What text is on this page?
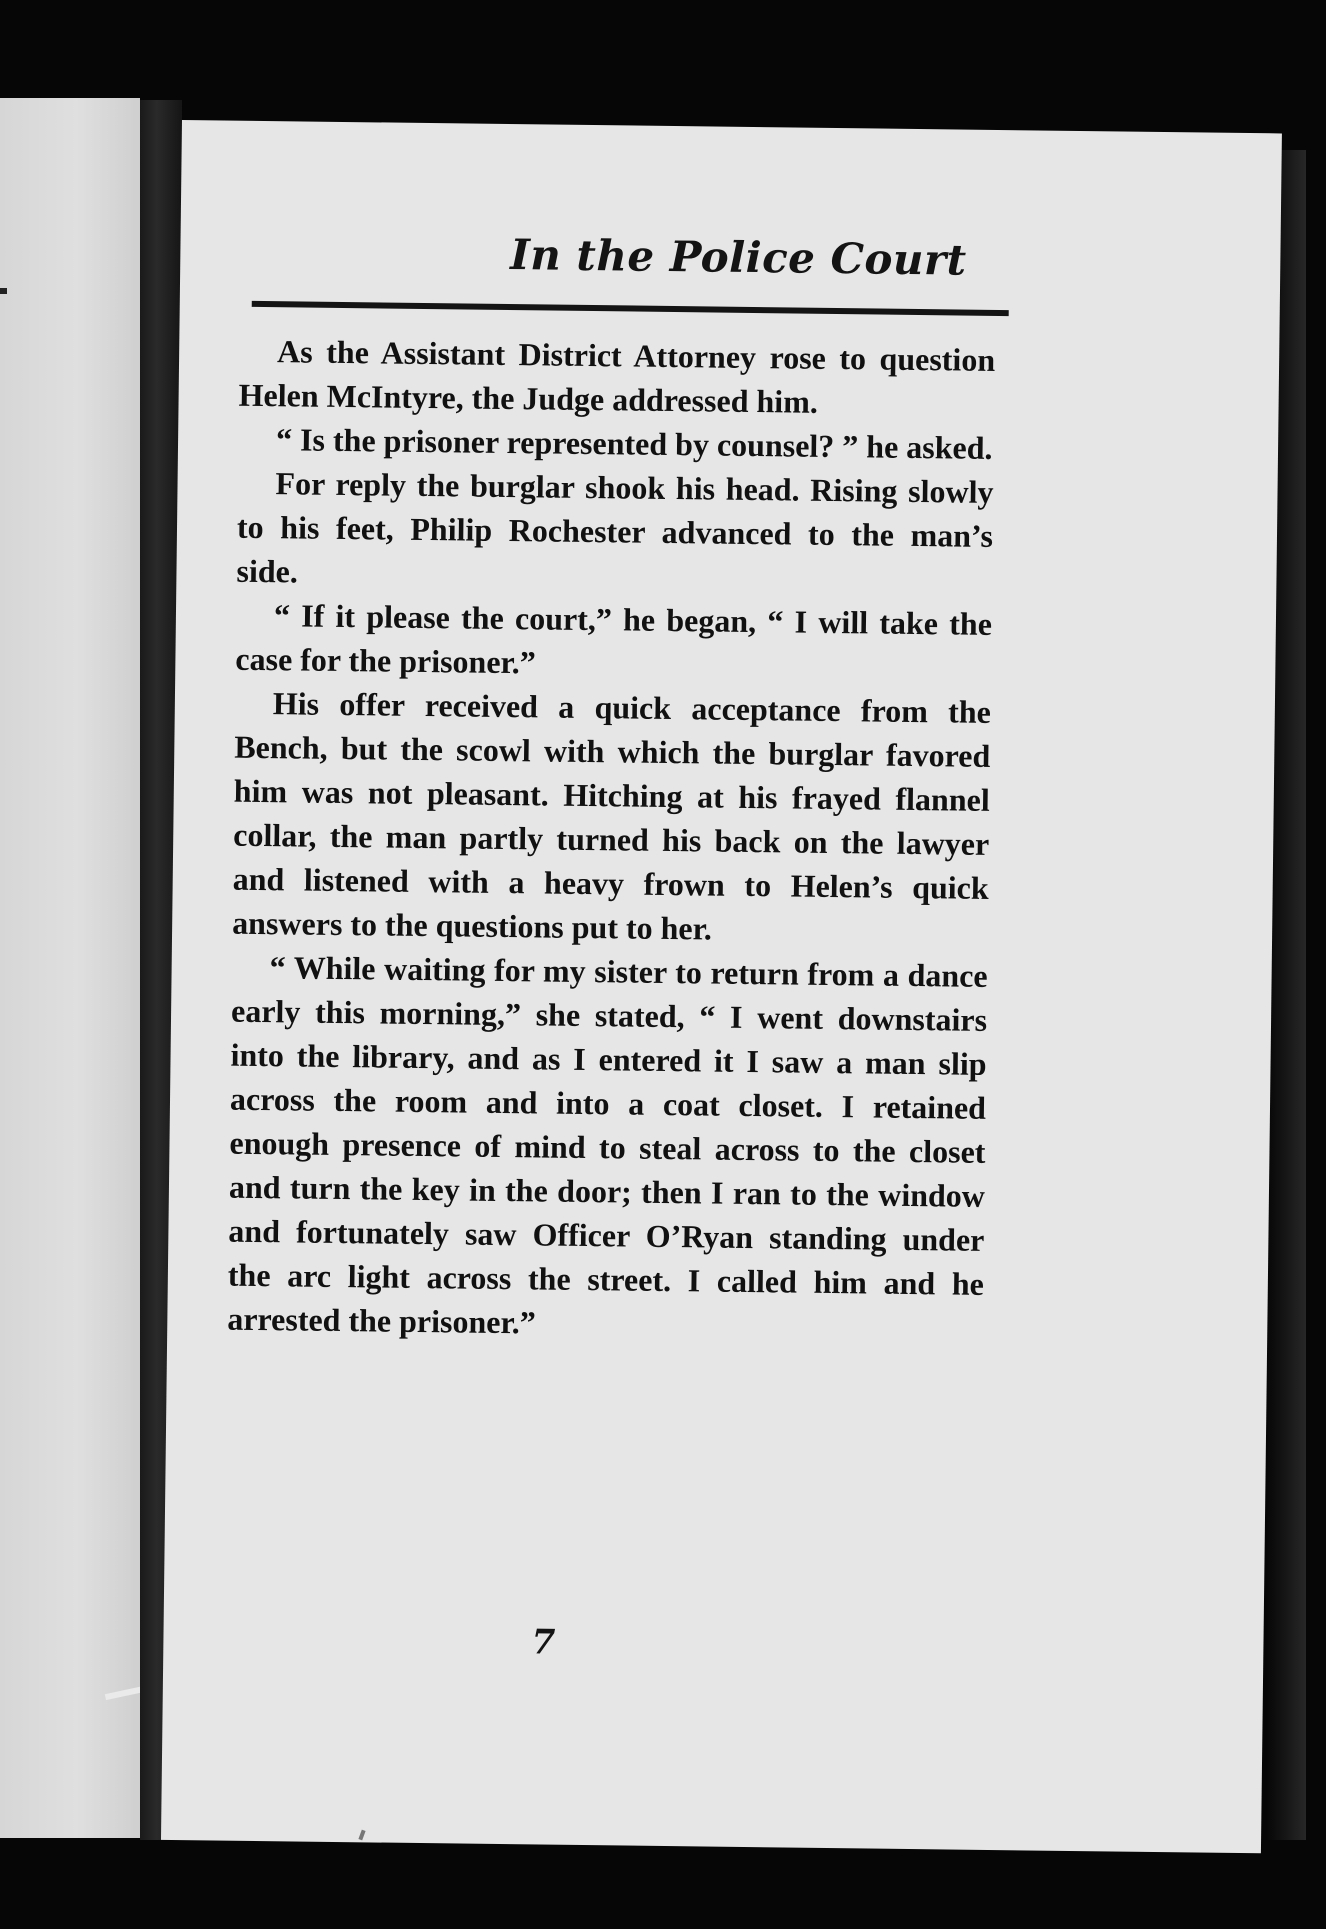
In the Police Court

As the Assistant District Attorney rose to question Helen McIntyre, the Judge addressed him.

“ Is the prisoner represented by counsel? ” he asked.

For reply the burglar shook his head. Rising slowly to his feet, Philip Rochester advanced to the man’s side.

“ If it please the court,” he began, “ I will take the case for the prisoner.”

His offer received a quick acceptance from the Bench, but the scowl with which the burglar favored him was not pleasant. Hitching at his frayed flannel collar, the man partly turned his back on the lawyer and listened with a heavy frown to Helen’s quick answers to the questions put to her.

“ While waiting for my sister to return from a dance early this morning,” she stated, “ I went downstairs into the library, and as I entered it I saw a man slip across the room and into a coat closet. I retained enough presence of mind to steal across to the closet and turn the key in the door; then I ran to the window and fortunately saw Officer O’Ryan standing under the arc light across the street. I called him and he arrested the prisoner.”

7
